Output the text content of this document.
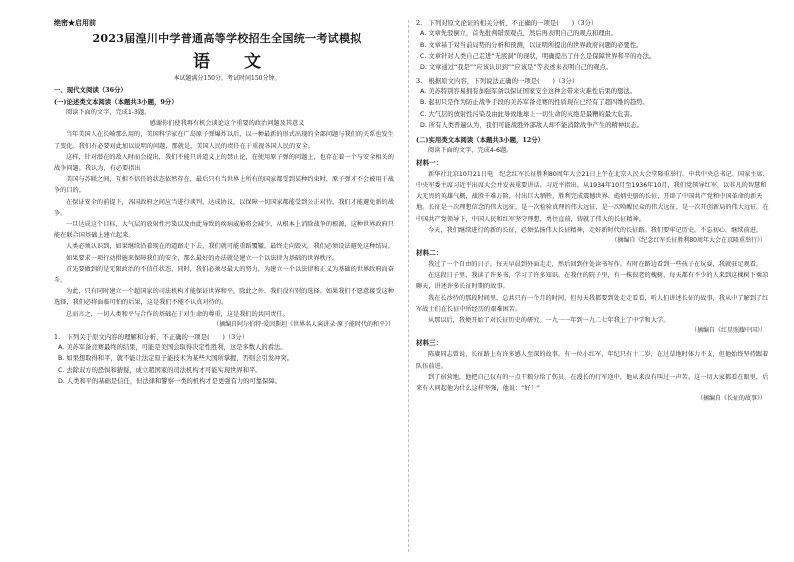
绝密★启用前

2023届湟川中学普通高等学校招生全国统一考试模拟

语 文

本试题满分150分，考试时间150分钟。

一、现代文阅读（36分）

(一)论述类文本阅读（本题共3小题，9分）

阅读下面的文字，完成1-3题。

感谢你们使我再有机会谈论这个重要的政治问题及其意义

当年美国人在长崎那么用的，美国科学家在广岛原子弹爆炸以后，以一种最新的形式出现的全部问题与我们的关系也发生了变化。我们有必要对此加以说明的问题，那就是，美国人民的责任在于重视各国人民的安全。

这样，针对潜在的敌人时而会提出，我们不能只讲道义上的禁止论，在使用原子弹的问题上，也存在着一个与安全相关的战争问题。我认为，有必要指出

美国与苏联之间，互相不信任的状态依然存在，最后只有当世界上所有的国家都受到某种约束时，原子弹才不会被用于战争的目的。

在保证安全的前提下，各国政府之间应当进行谈判，达成协议，以保障一切国家都能受到公正对待，我们才能避免新的战争。

一旦达成这个目标，大气层的放射性污染以及由此导致的疾病威胁将会减少，从根本上消除战争的根源，这种世界政府只能在联合国基础上建立起来。

人类必须认识到，如果继续沿着现在的道路走下去，我们就可能重蹈覆辙，最终走向毁灭。我们必须设法避免这种结局。

如果要求一项行动措施来保障我们的安全，那么最好的办法就是建立一个以法律为基础的世界秩序。

首先要做到的是无限政治的不信任状态，同时，我们必须尽最大的努力，为建立一个以法律和正义为基础的世界政府而奋斗。

为此，只有同时建立一个超国家的司法机构才能保证世界和平，除此之外，我们没有别的选择。如果我们不愿意接受这种选择，我们必将面临可怕的后果，这是我们不能不认真对待的。

总而言之，一切人类和平与合作的基础在于对生命的尊重，这是我们的共同责任。

（摘编自阿尔伯特·爱因斯坦《世界名人演讲录·原子能时代的和平》）

1.　下列关于原文内容的理解和分析，不正确的一项是(　　)（3分）

A. 美苏军备竞赛最终的结果，可能是美国会取得决定性胜利，这是多数人的看法。

B. 如果想取得和平，就不能让法定原子能技术为某些大国所掌握，否则会引发冲突。

C. 去除双方的恐惧和猜疑，成立超国家的司法机构才可能实现世界和平。

D. 人类和平的基础是信任，但法律和警察一类的机构才是更强有力的可靠保障。

2.　下列对原文论证的相关分析，不正确的一项是(　　)（3分）

A. 文章先驳倒立，首先批判错误观点，然后再表明自己的观点和理由。

B. 文章基于对当前局势的分析和预测，以证明所提出的世界政府问题的必要性。

C. 文章针对人类自己走进“无底洞”的现状，明确提出了什么是保障世界和平的办法。

D. 文章通过“我是”“应该认识到”“应该是”等表述来表明自己的观点。

3.　根据原文内容，下列说法正确的一项是(　　)（3分）

A. 美苏特别容易拥有加强军备以保证国家安全这种会带来灾难性后果的想法。

B. 起初只是作为防止战争手段的美苏军备竞赛的性质现在已经有了超四维的趋势。

C. 大气层的放射性污染及由此导致地球上一切生命的灭绝是最糟的最大危害。

D. 所有人类普遍认为，我们可能战胜外部敌人却不能消除战争产生的精神状态。

(二)实用类文本阅读（本题共3小题，12分）

阅读下面的文字，完成4-6题。

材料一：

新华社北京10月21日电　纪念红军长征胜利80周年大会21日上午在北京人民大会堂隆重举行。中共中央总书记、国家主席、中央军委主席习近平出席大会并发表重要讲话。习近平指出，从1934年10月至1936年10月，我们党领导红军，以非凡的智慧和大无畏的英雄气概，战胜千难万险，付出巨大牺牲，胜利完成震撼世界、彪炳史册的长征，开辟了中国共产党和中国革命的新天地。长征是一次理想信念的伟大远征，是一次检验真理的伟大远征，是一次唤醒民众的伟大远征，是一次开创新局的伟大远征。在中国共产党领导下，中国人民和红军坚守理想，勇往直前，铸就了伟大的长征精神。

今天，我们继续进行的新的长征，必须弘扬伟大长征精神，走好新时代的长征路。我们要牢记历史，不忘初心，继续前进。

（摘编自《纪念红军长征胜利80周年大会在京隆重举行》）

材料二：

我过了一个自由的日子，每天早晨到外面走走，然后回到住处读书写作。有时在路边看到一些孩子在玩耍，我就驻足观看。

在这段日子里，我读了许多书，学习了许多知识。在我住的院子里，有一株很老的槐树，每天都有不少的人来到这棵树下乘凉聊天，讲述许多长征时期的故事。

我在长沙待的那段时间里，总共只有一个月的时间，但每天我都要到处走走看看，听人们讲述长征的故事，我从中了解到了红军战士们在长征中所经历的艰难困苦。

从那以后，我便开始了对长征历史的研究。一九一一年到一九二七年我上了中学和大学。

（摘编自《红星照耀中国》）

材料三：

陈赓同志曾说，长征路上有许多感人至深的故事。有一位小红军，年纪只有十二岁，在过草地时体力不支，但他始终坚持跟着队伍前进。

到了宿营地，他把自己仅有的一点干粮分给了伤员。在漫长的行军途中，他从来没有叫过一声苦。这一切大家都看在眼里，后来有人问起他为什么这样坚强，他说：“好！”

（摘编自《长征的故事》）
